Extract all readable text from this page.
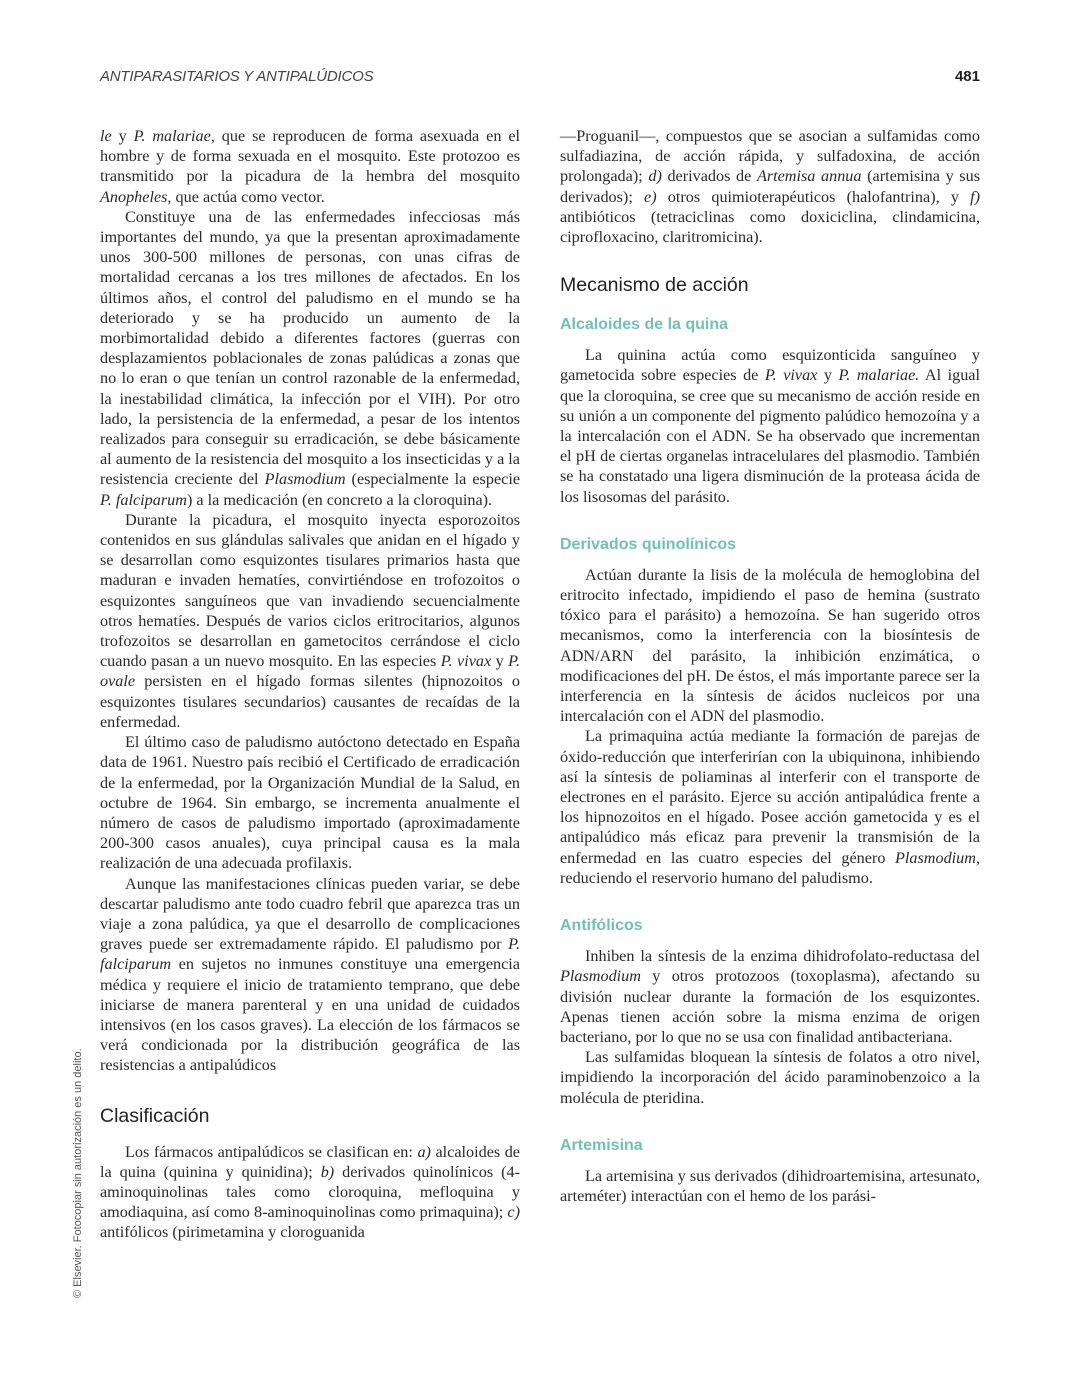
ANTIPARASITARIOS Y ANTIPALÚDICOS	481
© Elsevier. Fotocopiar sin autorización es un delito.

le y P. malariae, que se reproducen de forma asexuada en el hombre y de forma sexuada en el mosquito. Este protozoo es transmitido por la picadura de la hembra del mosquito Anopheles, que actúa como vector.

Constituye una de las enfermedades infecciosas más importantes del mundo, ya que la presentan aproximadamente unos 300-500 millones de personas, con unas cifras de mortalidad cercanas a los tres millones de afectados. En los últimos años, el control del paludismo en el mundo se ha deteriorado y se ha producido un aumento de la morbimortalidad debido a diferentes factores (guerras con desplazamientos poblacionales de zonas palúdicas a zonas que no lo eran o que tenían un control razonable de la enfermedad, la inestabilidad climática, la infección por el VIH). Por otro lado, la persistencia de la enfermedad, a pesar de los intentos realizados para conseguir su erradicación, se debe básicamente al aumento de la resistencia del mosquito a los insecticidas y a la resistencia creciente del Plasmodium (especialmente la especie P. falciparum) a la medicación (en concreto a la cloroquina).

Durante la picadura, el mosquito inyecta esporozoitos contenidos en sus glándulas salivales que anidan en el hígado y se desarrollan como esquizontes tisulares primarios hasta que maduran e invaden hematíes, convirtiéndose en trofozoitos o esquizontes sanguíneos que van invadiendo secuencialmente otros hematíes. Después de varios ciclos eritrocitarios, algunos trofozoitos se desarrollan en gametocitos cerrándose el ciclo cuando pasan a un nuevo mosquito. En las especies P. vivax y P. ovale persisten en el hígado formas silentes (hipnozoitos o esquizontes tisulares secundarios) causantes de recaídas de la enfermedad.

El último caso de paludismo autóctono detectado en España data de 1961. Nuestro país recibió el Certificado de erradicación de la enfermedad, por la Organización Mundial de la Salud, en octubre de 1964. Sin embargo, se incrementa anualmente el número de casos de paludismo importado (aproximadamente 200-300 casos anuales), cuya principal causa es la mala realización de una adecuada profilaxis.

Aunque las manifestaciones clínicas pueden variar, se debe descartar paludismo ante todo cuadro febril que aparezca tras un viaje a zona palúdica, ya que el desarrollo de complicaciones graves puede ser extremadamente rápido. El paludismo por P. falciparum en sujetos no inmunes constituye una emergencia médica y requiere el inicio de tratamiento temprano, que debe iniciarse de manera parenteral y en una unidad de cuidados intensivos (en los casos graves). La elección de los fármacos se verá condicionada por la distribución geográfica de las resistencias a antipalúdicos

Clasificación

Los fármacos antipalúdicos se clasifican en: a) alcaloides de la quina (quinina y quinidina); b) derivados quinolínicos (4-aminoquinolinas tales como cloroquina, mefloquina y amodiaquina, así como 8-aminoquinolinas como primaquina); c) antifólicos (pirimetamina y cloroguanida

—Proguanil—, compuestos que se asocian a sulfamidas como sulfadiazina, de acción rápida, y sulfadoxina, de acción prolongada); d) derivados de Artemisa annua (artemisina y sus derivados); e) otros quimioterapéuticos (halofantrina), y f) antibióticos (tetraciclinas como doxiciclina, clindamicina, ciprofloxacino, claritromicina).

Mecanismo de acción
Alcaloides de la quina

La quinina actúa como esquizonticida sanguíneo y gametocida sobre especies de P. vivax y P. malariae. Al igual que la cloroquina, se cree que su mecanismo de acción reside en su unión a un componente del pigmento palúdico hemozoína y a la intercalación con el ADN. Se ha observado que incrementan el pH de ciertas organelas intracelulares del plasmodio. También se ha constatado una ligera disminución de la proteasa ácida de los lisosomas del parásito.

Derivados quinolínicos

Actúan durante la lisis de la molécula de hemoglobina del eritrocito infectado, impidiendo el paso de hemina (sustrato tóxico para el parásito) a hemozoína. Se han sugerido otros mecanismos, como la interferencia con la biosíntesis de ADN/ARN del parásito, la inhibición enzimática, o modificaciones del pH. De éstos, el más importante parece ser la interferencia en la síntesis de ácidos nucleicos por una intercalación con el ADN del plasmodio.

La primaquina actúa mediante la formación de parejas de óxido-reducción que interferirían con la ubiquinona, inhibiendo así la síntesis de poliaminas al interferir con el transporte de electrones en el parásito. Ejerce su acción antipalúdica frente a los hipnozoitos en el hígado. Posee acción gametocida y es el antipalúdico más eficaz para prevenir la transmisión de la enfermedad en las cuatro especies del género Plasmodium, reduciendo el reservorio humano del paludismo.

Antifólicos

Inhiben la síntesis de la enzima dihidrofolato-reductasa del Plasmodium y otros protozoos (toxoplasma), afectando su división nuclear durante la formación de los esquizontes. Apenas tienen acción sobre la misma enzima de origen bacteriano, por lo que no se usa con finalidad antibacteriana.

Las sulfamidas bloquean la síntesis de folatos a otro nivel, impidiendo la incorporación del ácido paraminobenzoico a la molécula de pteridina.

Artemisina

La artemisina y sus derivados (dihidroartemisina, artesunato, arteméter) interactúan con el hemo de los parási-
